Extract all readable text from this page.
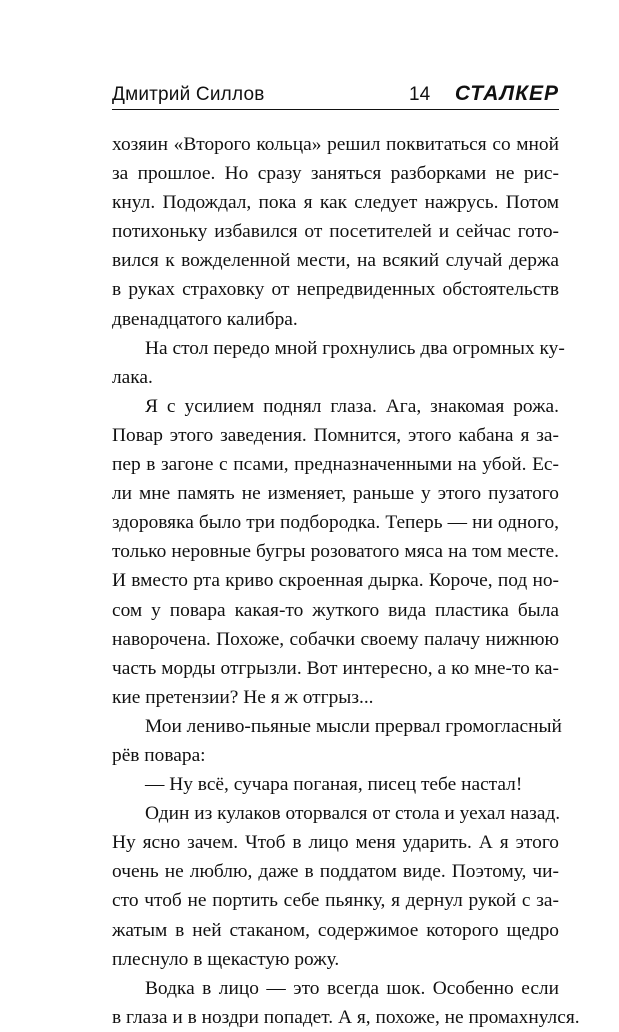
Дмитрий Силлов	14 СТАЛКЕР
хозяин «Второго кольца» решил поквитаться со мной
за прошлое. Но сразу заняться разборками не рис-
кнул. Подождал, пока я как следует нажрусь. Потом
потихоньку избавился от посетителей и сейчас гото-
вился к вожделенной мести, на всякий случай держа
в руках страховку от непредвиденных обстоятельств
двенадцатого калибра.
На стол передо мной грохнулись два огромных ку-
лака.
Я с усилием поднял глаза. Ага, знакомая рожа.
Повар этого заведения. Помнится, этого кабана я за-
пер в загоне с псами, предназначенными на убой. Ес-
ли мне память не изменяет, раньше у этого пузатого
здоровяка было три подбородка. Теперь — ни одного,
только неровные бугры розоватого мяса на том месте.
И вместо рта криво скроенная дырка. Короче, под но-
сом у повара какая-то жуткого вида пластика была
наворочена. Похоже, собачки своему палачу нижнюю
часть морды отгрызли. Вот интересно, а ко мне-то ка-
кие претензии? Не я ж отгрыз...
Мои лениво-пьяные мысли прервал громогласный
рёв повара:
— Ну всё, сучара поганая, писец тебе настал!
Один из кулаков оторвался от стола и уехал назад.
Ну ясно зачем. Чтоб в лицо меня ударить. А я этого
очень не люблю, даже в поддатом виде. Поэтому, чи-
сто чтоб не портить себе пьянку, я дернул рукой с за-
жатым в ней стаканом, содержимое которого щедро
плеснуло в щекастую рожу.
Водка в лицо — это всегда шок. Особенно если
в глаза и в ноздри попадет. А я, похоже, не промахнулся.
